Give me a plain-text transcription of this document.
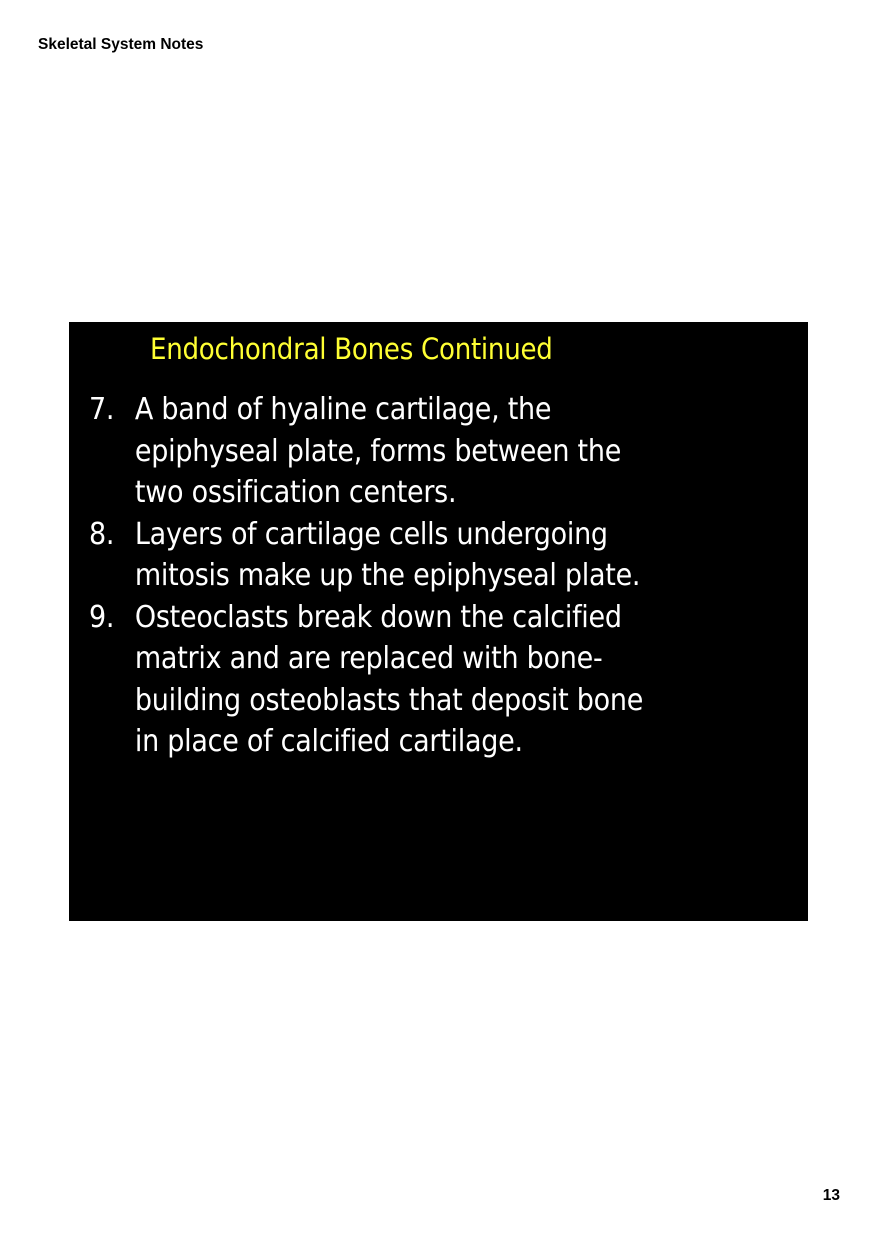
Skeletal System Notes
Endochondral Bones Continued
7. A band of hyaline cartilage, the
epiphyseal plate, forms between the
two ossification centers.
8. Layers of cartilage cells undergoing
mitosis make up the epiphyseal plate.
9. Osteoclasts break down the calcified
matrix and are replaced with bone-
building osteoblasts that deposit bone
in place of calcified cartilage.
13
